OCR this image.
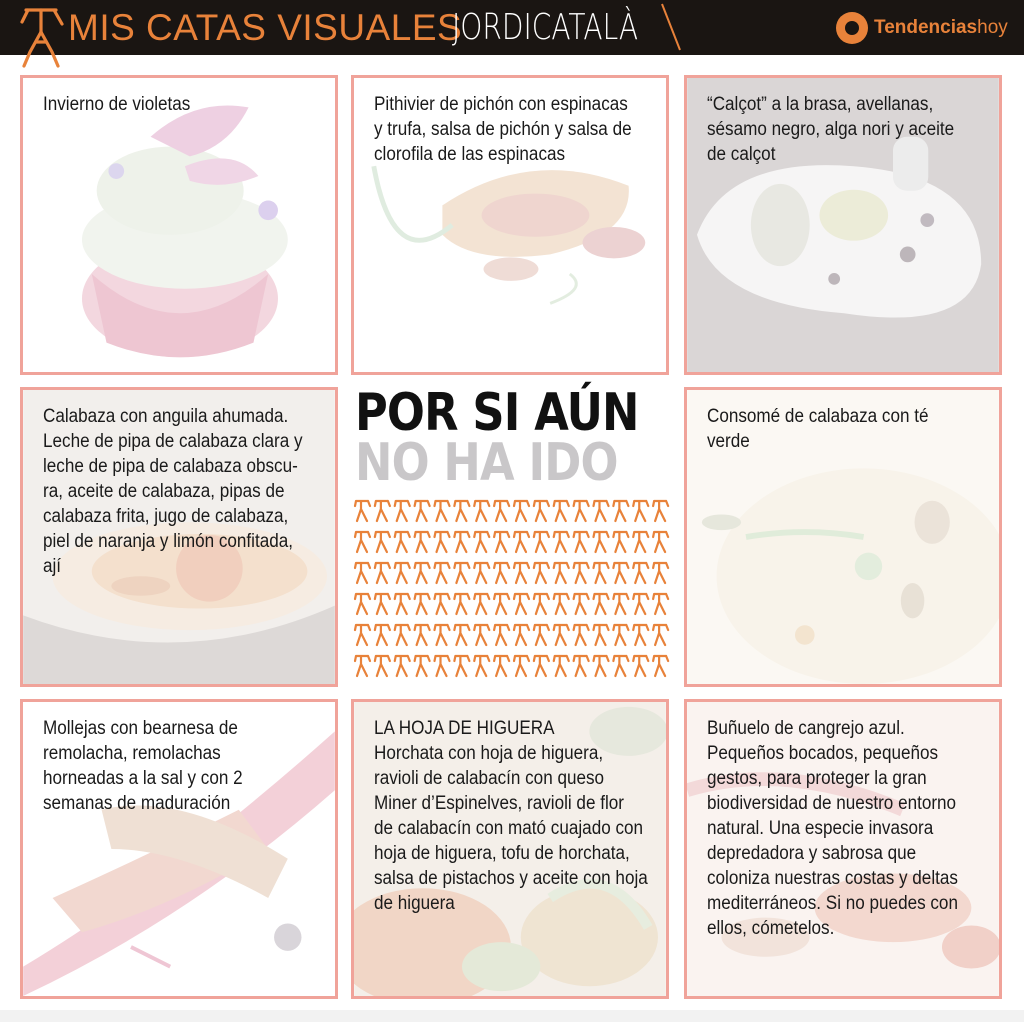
MIS CATAS VISUALES
JORDICATALÀ	Tendenciashoy
Invierno de violetas	Pithivier de pichón con espinacas
y trufa, salsa de pichón y salsa de
clorofila de las espinacas
“Calçot” a la brasa, avellanas,
sésamo negro, alga nori y aceite
de calçot
Calabaza con anguila ahumada.
Leche de pipa de calabaza clara y
leche de pipa de calabaza obscu-
ra, aceite de calabaza, pipas de
calabaza frita, jugo de calabaza,
piel de naranja y limón confitada,
ají
POR SI AÚN
NO HA IDO
Consomé de calabaza con té
verde
Mollejas con bearnesa de
remolacha, remolachas
horneadas a la sal y con 2
semanas de maduración
LA HOJA DE HIGUERA
Horchata con hoja de higuera,
ravioli de calabacín con queso
Miner d’Espinelves, ravioli de flor
de calabacín con mató cuajado con
hoja de higuera, tofu de horchata,
salsa de pistachos y aceite con hoja
de higuera
Buñuelo de cangrejo azul.
Pequeños bocados, pequeños
gestos, para proteger la gran
biodiversidad de nuestro entorno
natural. Una especie invasora
depredadora y sabrosa que
coloniza nuestras costas y deltas
mediterráneos. Si no puedes con
ellos, cómetelos.
